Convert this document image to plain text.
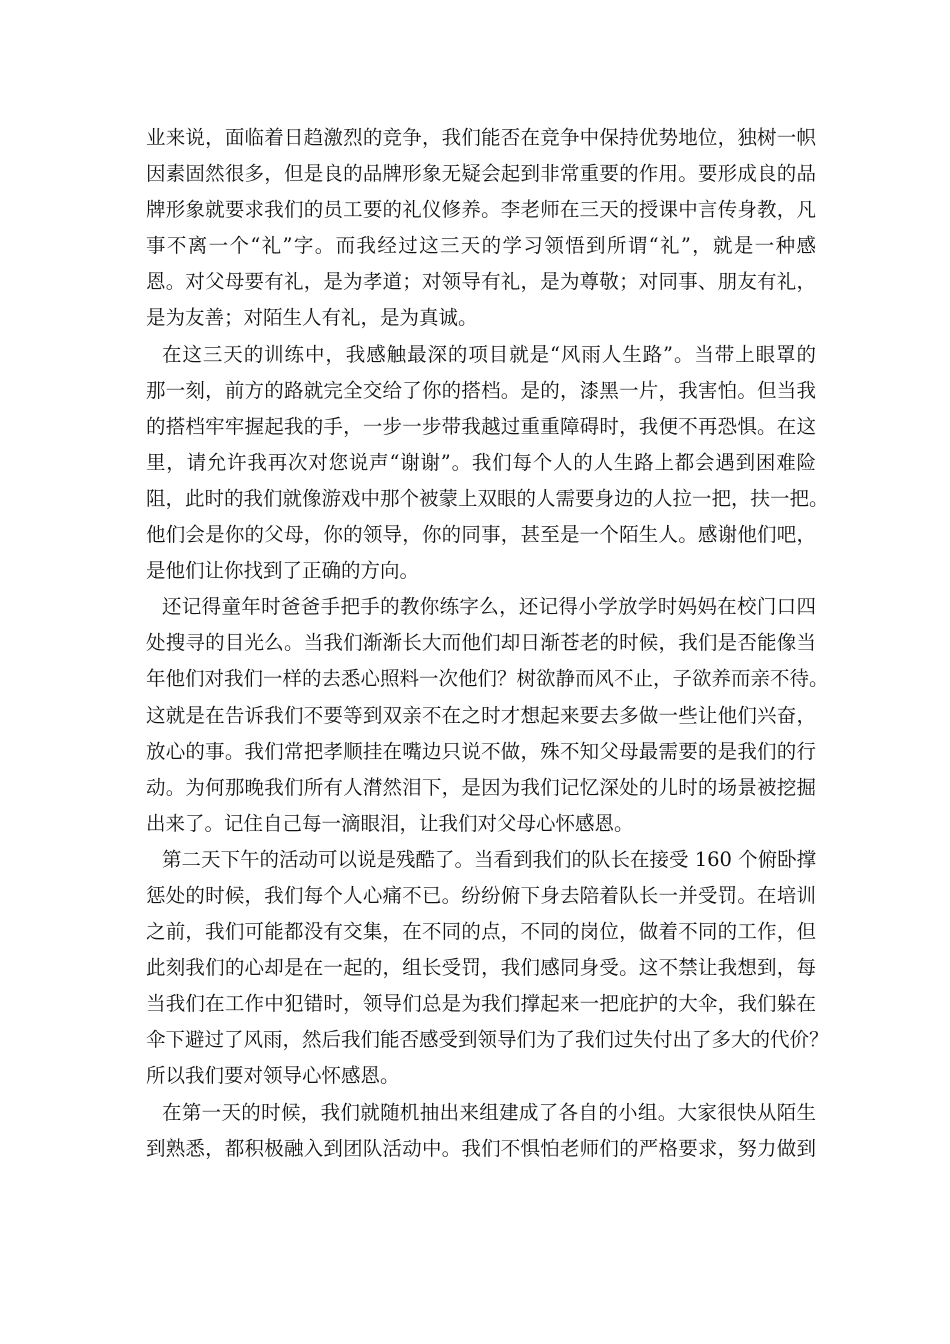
业来说，面临着日趋激烈的竞争，我们能否在竞争中保持优势地位，独树一帜
因素固然很多，但是良的品牌形象无疑会起到非常重要的作用。要形成良的品
牌形象就要求我们的员工要的礼仪修养。李老师在三天的授课中言传身教，凡
事不离一个“礼”字。而我经过这三天的学习领悟到所谓“礼”，就是一种感
恩。对父母要有礼，是为孝道；对领导有礼，是为尊敬；对同事、朋友有礼，
是为友善；对陌生人有礼，是为真诚。
在这三天的训练中，我感触最深的项目就是“风雨人生路”。当带上眼罩的
那一刻，前方的路就完全交给了你的搭档。是的，漆黑一片，我害怕。但当我
的搭档牢牢握起我的手，一步一步带我越过重重障碍时，我便不再恐惧。在这
里，请允许我再次对您说声“谢谢”。我们每个人的人生路上都会遇到困难险
阻，此时的我们就像游戏中那个被蒙上双眼的人需要身边的人拉一把，扶一把。
他们会是你的父母，你的领导，你的同事，甚至是一个陌生人。感谢他们吧，
是他们让你找到了正确的方向。
还记得童年时爸爸手把手的教你练字么，还记得小学放学时妈妈在校门口四
处搜寻的目光么。当我们渐渐长大而他们却日渐苍老的时候，我们是否能像当
年他们对我们一样的去悉心照料一次他们？树欲静而风不止，子欲养而亲不待。
这就是在告诉我们不要等到双亲不在之时才想起来要去多做一些让他们兴奋，
放心的事。我们常把孝顺挂在嘴边只说不做，殊不知父母最需要的是我们的行
动。为何那晚我们所有人潸然泪下，是因为我们记忆深处的儿时的场景被挖掘
出来了。记住自己每一滴眼泪，让我们对父母心怀感恩。
第二天下午的活动可以说是残酷了。当看到我们的队长在接受 160 个俯卧撑
惩处的时候，我们每个人心痛不已。纷纷俯下身去陪着队长一并受罚。在培训
之前，我们可能都没有交集，在不同的点，不同的岗位，做着不同的工作，但
此刻我们的心却是在一起的，组长受罚，我们感同身受。这不禁让我想到，每
当我们在工作中犯错时，领导们总是为我们撑起来一把庇护的大伞，我们躲在
伞下避过了风雨，然后我们能否感受到领导们为了我们过失付出了多大的代价？
所以我们要对领导心怀感恩。
在第一天的时候，我们就随机抽出来组建成了各自的小组。大家很快从陌生
到熟悉，都积极融入到团队活动中。我们不惧怕老师们的严格要求，努力做到
